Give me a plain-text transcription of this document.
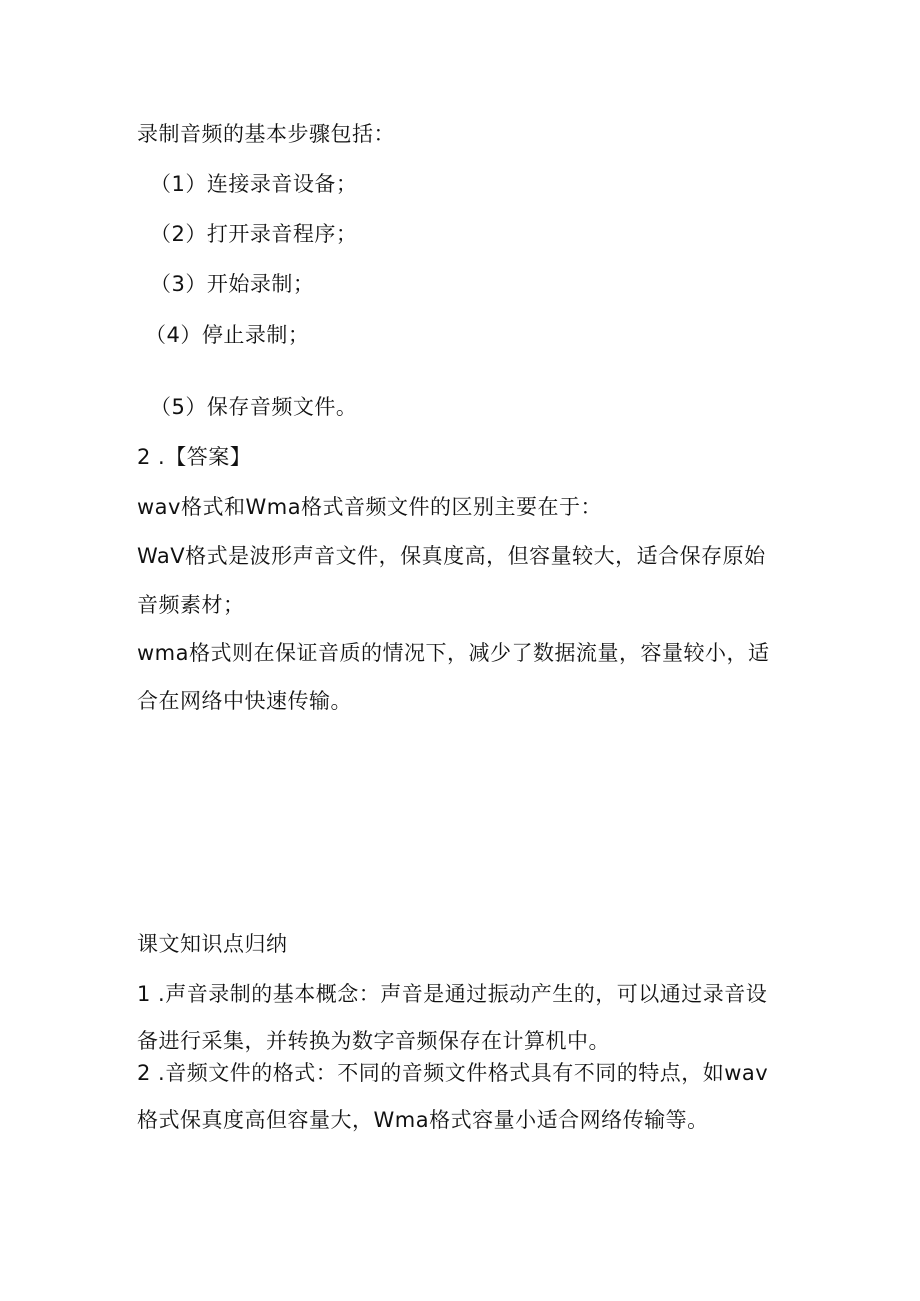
录制音频的基本步骤包括：
（1）连接录音设备；
（2）打开录音程序；
（3）开始录制；
（4）停止录制；
（5）保存音频文件。
2 .【答案】
wav格式和Wma格式音频文件的区别主要在于：
WaV格式是波形声音文件，保真度高，但容量较大，适合保存原始
音频素材；
wma格式则在保证音质的情况下，减少了数据流量，容量较小，适
合在网络中快速传输。
课文知识点归纳
1 .声音录制的基本概念：声音是通过振动产生的，可以通过录音设
备进行采集，并转换为数字音频保存在计算机中。
2 .音频文件的格式：不同的音频文件格式具有不同的特点，如wav
格式保真度高但容量大，Wma格式容量小适合网络传输等。
